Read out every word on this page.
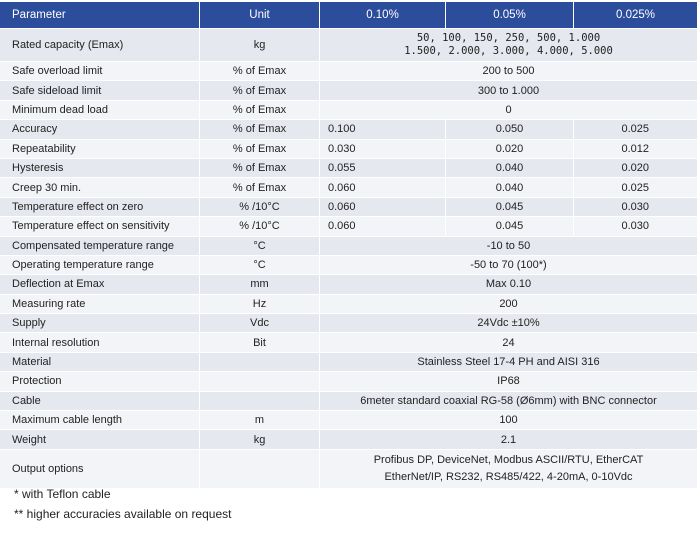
Parameter	Unit	0.10%	0.05%	0.025%
Rated capacity (Emax)	kg	50, 100, 150, 250, 500, 1.000
1.500, 2.000, 3.000, 4.000, 5.000		

Safe overload limit	% of Emax	200 to 500		
Safe sideload limit	% of Emax	300 to 1.000		
Minimum dead load	% of Emax	0		
Accuracy	% of Emax	0.100	0.050	0.025
Repeatability	% of Emax	0.030	0.020	0.012
Hysteresis	% of Emax	0.055	0.040	0.020
Creep 30 min.	% of Emax	0.060	0.040	0.025
Temperature effect on zero	% /10°C	0.060	0.045	0.030
Temperature effect on sensitivity	% /10°C	0.060	0.045	0.030
Compensated temperature range	°C	-10 to 50		
Operating temperature range	°C	-50 to 70 (100*)		
Deflection at Emax	mm	Max 0.10		
Measuring rate	Hz	200		
Supply	Vdc	24Vdc ±10%		
Internal resolution	Bit	24		
Material		Stainless Steel 17-4 PH and AISI 316		
Protection		IP68		
Cable		6meter standard coaxial RG-58 (Ø6mm) with BNC connector		
Maximum cable length	m	100		
Weight	kg	2.1		
Output options		Profibus DP, DeviceNet, Modbus ASCII/RTU, EtherCAT
EtherNet/IP, RS232, RS485/422, 4-20mA, 0-10Vdc		
* with Teflon cable
** higher accuracies available on request
